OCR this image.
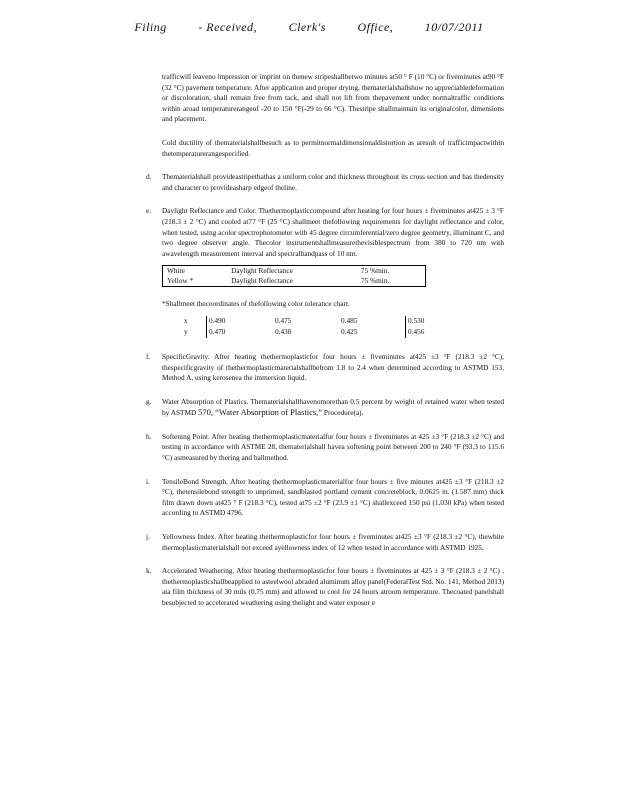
Filing	- Received,	Clerk's	Office,	10/07/2011

trafficwill leaveno impression or imprint on thenew stripeshallbetwo minutes at50 ° F (10 °C) or fiveminutes at90 °F (32 °C) pavement temperature. After application and proper drying, thematerialshallshow no appreciabledeformation or discoloration, shall remain free from tack, and shall not lift from thepavement under normaltraffic conditions within aroad temperaturerangeof -20 to 150 °F(-29 to 66 °C). Thestripe shallmaintain its originalcolor, dimensions and placement.

Cold ductility of thematerialshallbesuch as to permitnormaldimensionaldistortion as aresult of trafficimpactwithin thetemperaturerangespecified.

d. Thematerialshall provideastripethathas a uniform color and thickness throughout its cross section and has thedensity and character to provideasharp edgeof theline.
e. Daylight Reflectance and Color. Thethermoplasticcompound after heating for four hours ± fiveminutes at425 ± 3 °F (218.3 ± 2 °C) and cooled at77 °F (25 °C) shallmeet thefollowing requirements for daylight reflectance and color, when tested, using acolor spectrophotometer with 45 degree circumferential/zero degree geometry, illuminant C, and two degree observer angle. Thecolor instrumentshallmeasurethevisiblespectrum from 380 to 720 nm with awavelength measurement interval and spectralbandpass of 10 nm.
White	Daylight Reflectance	75 %min.
Yellow *	Daylight Reflectance	75 %min.

*Shallmeet thecoordinates of thefollowing color tolerance chart.

x	0.490	0.475	0.485	0.530
y	0.470	0.438	0.425	0.456
f. SpecificGravity. After heating thethermoplasticfor four hours ± fiveminutes at425 ±3 °F (218.3 ±2 °C), thespecificgravity of thethermoplasticmaterialshallbefrom 1.8 to 2.4 when determined according to ASTMD 153, Method A, using kerosenea the immersion liquid.
g. Water Absorption of Plastics. Thematerialshallhavenomorethan 0.5 percent by weight of retained water when tested by ASTMD 570, “Water Absorption of Plastics,” Procedure(a).
h. Softening Point. After heating thethermoplasticmaterialfor four hours ± fiveminutes at 425 ±3 °F (218.3 ±2 °C) and testing in accordance with ASTME 28, thematerialshall havea softening point between 200 to 240 °F (93.3 to 115.6 °C) asmeasured by thering and ballmethod.
i. TensileBond Strength. After heating thethermoplasticmaterialfor four hours ± five minutes at425 ±3 °F (218.3 ±2 °C), thetensilebond strength to unprimed, sandblasted portland cement concreteblock, 0.0625 in. (1.587 mm) thick film drawn down at425 ° F (218.3 °C), tested at75 ±2 °F (23.9 ±1 °C) shallexceed 150 psi (1,030 kPa) when tested according to ASTMD 4796.
j. Yellowness Index. After heating thethermoplasticfor four hours ± fiveminutes at425 ±3 °F (218.3 ±2 °C), thewhite thermoplasticmaterialshall not exceed ayellowness index of 12 when tested in accordance with ASTMD 1925.
k. Accelerated Weathering. After heating thethermoplasticfor four hours ± fiveminutes at 425 ± 3 °F (218.3 ± 2 °C) , thethermoplasticshallbeapplied to asteelwool abraded aluminum alloy panel(FederalTest Std. No. 141, Method 2013) ata film thickness of 30 mils (0.75 mm) and allowed to cool for 24 hours atroom temperature. Thecoated panelshall besubjected to accelerated weathering using thelight and water exposur e
